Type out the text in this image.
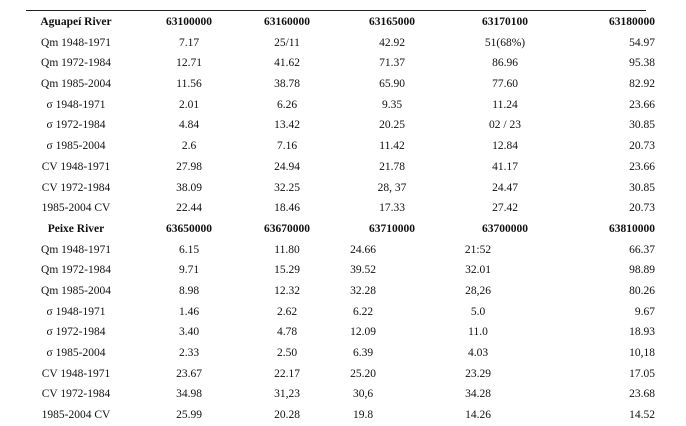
Aguapeí River	63100000	63160000	63165000	63170100	63180000
Qm 1948-1971	7.17	25/11	42.92	51(68%)	54.97
Qm 1972-1984	12.71	41.62	71.37	86.96	95.38
Qm 1985-2004	11.56	38.78	65.90	77.60	82.92
σ 1948-1971	2.01	6.26	9.35	11.24	23.66
σ 1972-1984	4.84	13.42	20.25	02 / 23	30.85
σ 1985-2004	2.6	7.16	11.42	12.84	20.73
CV 1948-1971	27.98	24.94	21.78	41.17	23.66
CV 1972-1984	38.09	32.25	28, 37	24.47	30.85
1985-2004 CV	22.44	18.46	17.33	27.42	20.73
Peixe River	63650000	63670000	63710000	63700000	63810000
Qm 1948-1971	6.15	11.80	24.66	21:52	66.37
Qm 1972-1984	9.71	15.29	39.52	32.01	98.89
Qm 1985-2004	8.98	12.32	32.28	28,26	80.26
σ 1948-1971	1.46	2.62	6.22	5.0	9.67
σ 1972-1984	3.40	4.78	12.09	11.0	18.93
σ 1985-2004	2.33	2.50	6.39	4.03	10,18
CV 1948-1971	23.67	22.17	25.20	23.29	17.05
CV 1972-1984	34.98	31,23	30,6	34.28	23.68
1985-2004 CV	25.99	20.28	19.8	14.26	14.52
